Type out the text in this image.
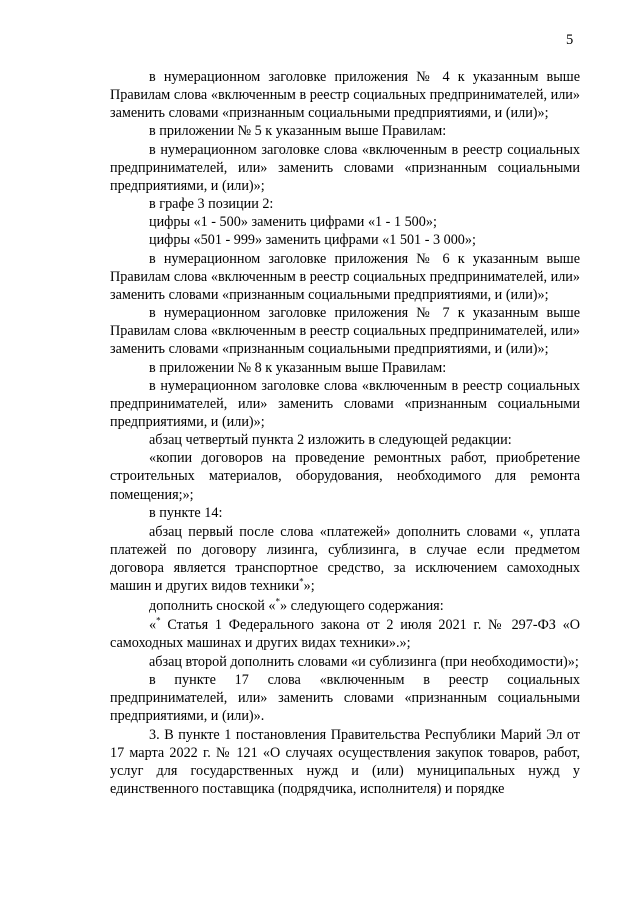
5

в нумерационном заголовке приложения № 4 к указанным выше Правилам слова «включенным в реестр социальных предпринимателей, или» заменить словами «признанным социальными предприятиями, и (или)»;

в приложении № 5 к указанным выше Правилам:

в нумерационном заголовке слова «включенным в реестр социальных предпринимателей, или» заменить словами «признанным социальными предприятиями, и (или)»;

в графе 3 позиции 2:

цифры «1 - 500» заменить цифрами «1 - 1 500»;

цифры «501 - 999» заменить цифрами «1 501 - 3 000»;

в нумерационном заголовке приложения № 6 к указанным выше Правилам слова «включенным в реестр социальных предпринимателей, или» заменить словами «признанным социальными предприятиями, и (или)»;

в нумерационном заголовке приложения № 7 к указанным выше Правилам слова «включенным в реестр социальных предпринимателей, или» заменить словами «признанным социальными предприятиями, и (или)»;

в приложении № 8 к указанным выше Правилам:

в нумерационном заголовке слова «включенным в реестр социальных предпринимателей, или» заменить словами «признанным социальными предприятиями, и (или)»;

абзац четвертый пункта 2 изложить в следующей редакции:

«копии договоров на проведение ремонтных работ, приобретение строительных материалов, оборудования, необходимого для ремонта помещения;»;

в пункте 14:

абзац первый после слова «платежей» дополнить словами «, уплата платежей по договору лизинга, сублизинга, в случае если предметом договора является транспортное средство, за исключением самоходных машин и других видов техники*»;

дополнить сноской «*» следующего содержания:

«* Статья 1 Федерального закона от 2 июля 2021 г. № 297-ФЗ «О самоходных машинах и других видах техники».»;

абзац второй дополнить словами «и сублизинга (при необходимости)»;

в пункте 17 слова «включенным в реестр социальных предпринимателей, или» заменить словами «признанным социальными предприятиями, и (или)».

3. В пункте 1 постановления Правительства Республики Марий Эл от 17 марта 2022 г. № 121 «О случаях осуществления закупок товаров, работ, услуг для государственных нужд и (или) муниципальных нужд у единственного поставщика (подрядчика, исполнителя) и порядке
